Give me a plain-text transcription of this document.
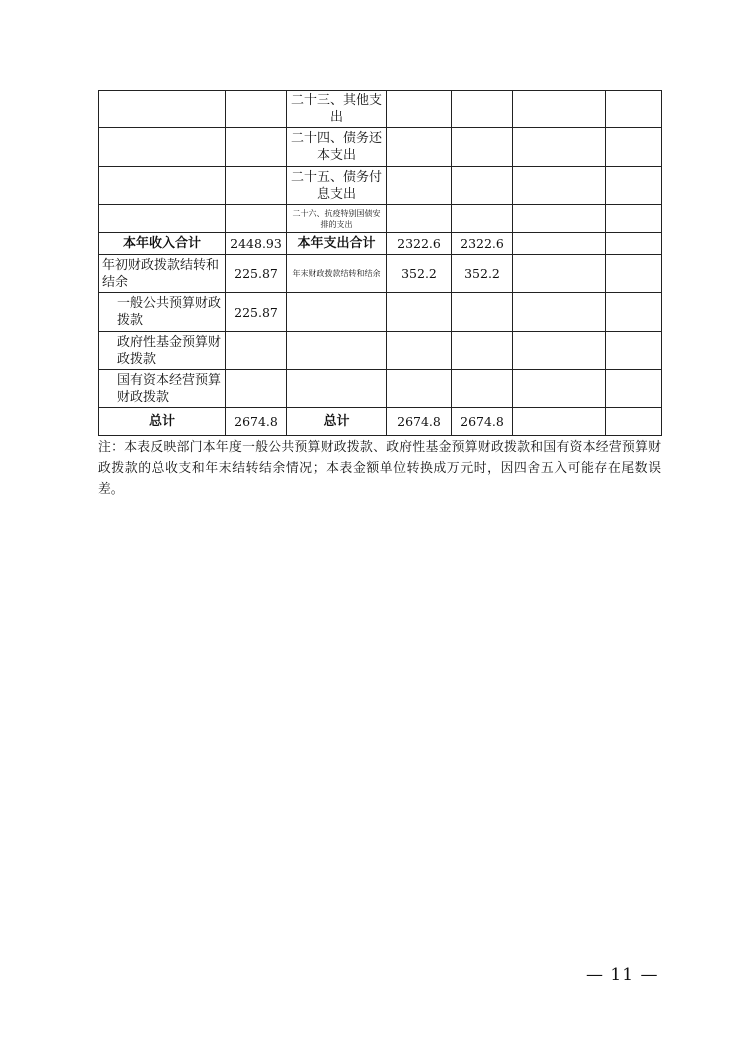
		二十三、其他支出				
		二十四、债务还本支出				
		二十五、债务付息支出				
		二十六、抗疫特别国债安排的支出				
本年收入合计	2448.93	本年支出合计	2322.6	2322.6		
年初财政拨款结转和结余	225.87	年末财政拨款结转和结余	352.2	352.2		
一般公共预算财政拨款	225.87					
政府性基金预算财政拨款						
国有资本经营预算财政拨款						
总计	2674.8	总计	2674.8	2674.8		
注：本表反映部门本年度一般公共预算财政拨款、政府性基金预算财政拨款和国有资本经营预算财政拨款的总收支和年末结转结余情况；本表金额单位转换成万元时，因四舍五入可能存在尾数误差。
— 11 —
